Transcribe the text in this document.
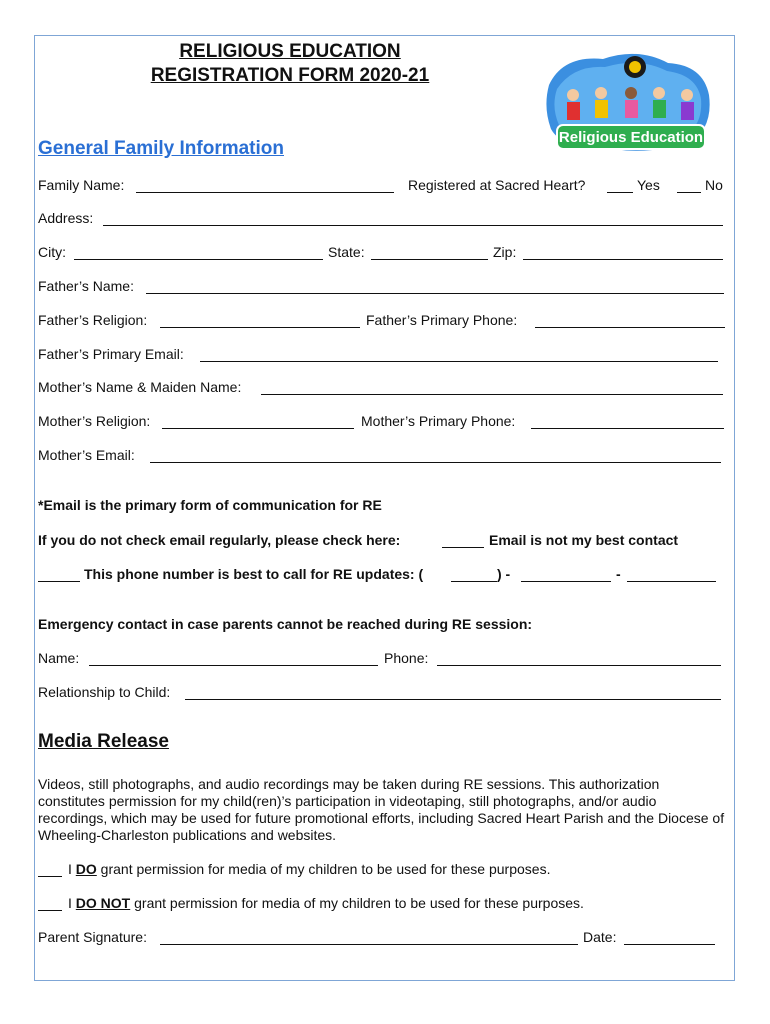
RELIGIOUS EDUCATION
REGISTRATION FORM 2020-21
Religious Education
General Family Information
Family Name:	Registered at Sacred Heart?	Yes	No
Address:
City:	State:	Zip:
Father’s Name:
Father’s Religion:	Father’s Primary Phone:
Father’s Primary Email:
Mother’s Name & Maiden Name:
Mother’s Religion:	Mother’s Primary Phone:
Mother’s Email:
*Email is the primary form of communication for RE
If you do not check email regularly, please check here:	Email is not my best contact
This phone number is best to call for RE updates: (	) -	-
Emergency contact in case parents cannot be reached during RE session:
Name:	Phone:
Relationship to Child:
Media Release
Videos, still photographs, and audio recordings may be taken during RE sessions. This authorization constitutes permission for my child(ren)’s participation in videotaping, still photographs, and/or audio recordings, which may be used for future promotional efforts, including Sacred Heart Parish and the Diocese of Wheeling-Charleston publications and websites.
I DO grant permission for media of my children to be used for these purposes.
I DO NOT grant permission for media of my children to be used for these purposes.
Parent Signature:	Date:
